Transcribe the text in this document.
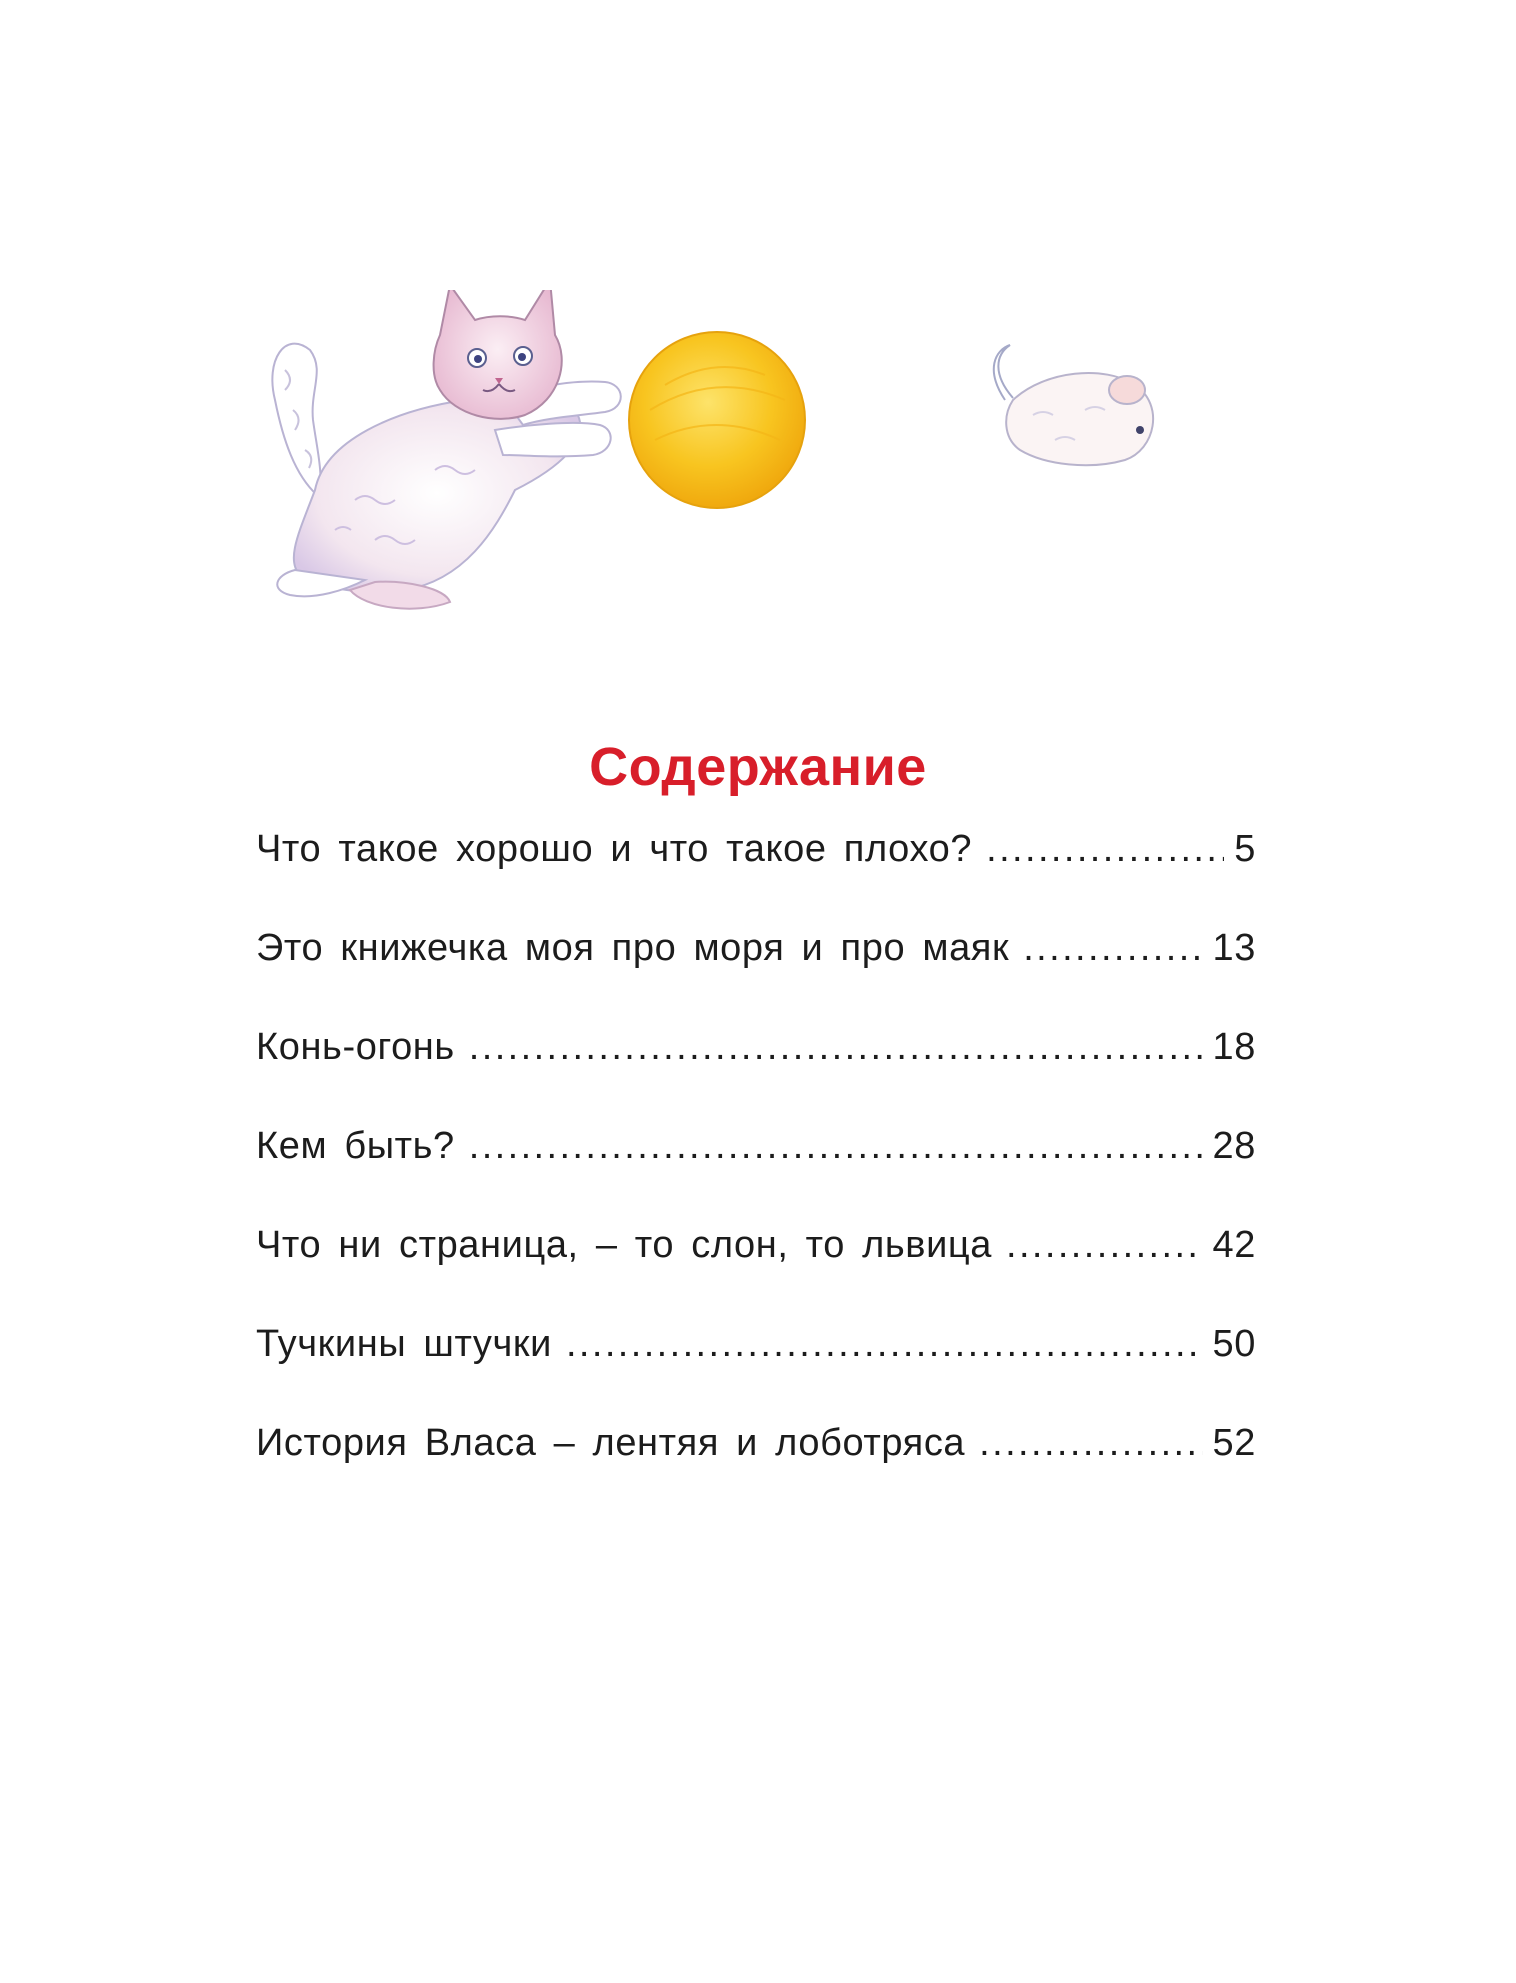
Содержание
Что такое хорошо и что такое плохо? .....	5
Это книжечка моя про моря и про маяк .....	13
Конь-огонь .....	18
Кем быть? .....	28
Что ни страница, – то слон, то львица .....	42
Тучкины штучки .....	50
История Власа – лентяя и лоботряса .....	52
